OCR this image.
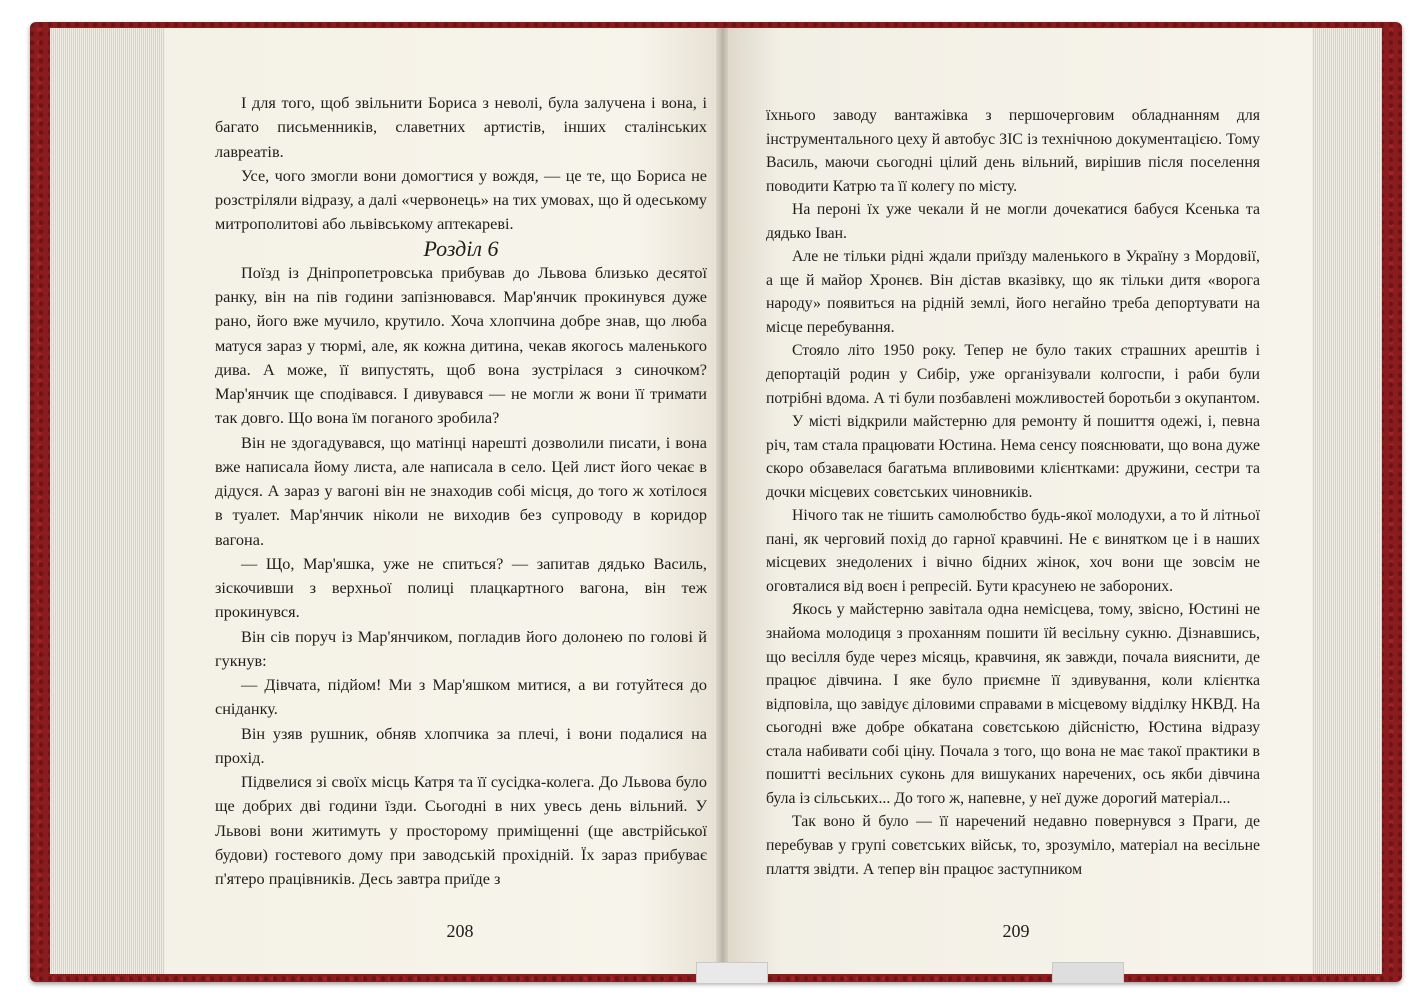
І для того, щоб звільнити Бориса з неволі, була залучена і вона, і багато письменників, славетних артистів, інших сталінських лавреатів.

Усе, чого змогли вони домогтися у вождя, — це те, що Бориса не розстріляли відразу, а далі «червонець» на тих умовах, що й одеському митрополитові або львівському аптекареві.

Розділ 6

Поїзд із Дніпропетровська прибував до Львова близько десятої ранку, він на пів години запізнювався. Мар'янчик прокинувся дуже рано, його вже мучило, крутило. Хоча хлопчина добре знав, що люба матуся зараз у тюрмі, але, як кожна дитина, чекав якогось маленького дива. А може, її випустять, щоб вона зустрілася з синочком? Мар'янчик ще сподівався. І дивувався — не могли ж вони її тримати так довго. Що вона їм поганого зробила?

Він не здогадувався, що матінці нарешті дозволили писати, і вона вже написала йому листа, але написала в село. Цей лист його чекає в дідуся. А зараз у вагоні він не знаходив собі місця, до того ж хотілося в туалет. Мар'янчик ніколи не виходив без супроводу в коридор вагона.

— Що, Мар'яшка, уже не спиться? — запитав дядько Василь, зіскочивши з верхньої полиці плацкартного вагона, він теж прокинувся.

Він сів поруч із Мар'янчиком, погладив його долонею по голові й гукнув:

— Дівчата, підйом! Ми з Мар'яшком митися, а ви готуйтеся до сніданку.

Він узяв рушник, обняв хлопчика за плечі, і вони подалися на прохід.

Підвелися зі своїх місць Катря та її сусідка-колега. До Львова було ще добрих дві години їзди. Сьогодні в них увесь день вільний. У Львові вони житимуть у просторому приміщенні (ще австрійської будови) гостевого дому при заводській прохідній. Їх зараз прибуває п'ятеро працівників. Десь завтра приїде з

їхнього заводу вантажівка з першочерговим обладнанням для інструментального цеху й автобус ЗІС із технічною документацією. Тому Василь, маючи сьогодні цілий день вільний, вирішив після поселення поводити Катрю та її колегу по місту.

На пероні їх уже чекали й не могли дочекатися бабуся Ксенька та дядько Іван.

Але не тільки рідні ждали приїзду маленького в Україну з Мордовії, а ще й майор Хронєв. Він дістав вказівку, що як тільки дитя «ворога народу» появиться на рідній землі, його негайно треба депортувати на місце перебування.

Стояло літо 1950 року. Тепер не було таких страшних арештів і депортацій родин у Сибір, уже організували колгоспи, і раби були потрібні вдома. А ті були позбавлені можливостей боротьби з окупантом.

У місті відкрили майстерню для ремонту й пошиття одежі, і, певна річ, там стала працювати Юстина. Нема сенсу пояснювати, що вона дуже скоро обзавелася багатьма впливовими клієнтками: дружини, сестри та дочки місцевих совєтських чиновників.

Нічого так не тішить самолюбство будь-якої молодухи, а то й літньої пані, як черговий похід до гарної кравчині. Не є винятком це і в наших місцевих знедолених і вічно бідних жінок, хоч вони ще зовсім не оговталися від воєн і репресій. Бути красунею не забороних.

Якось у майстерню завітала одна немісцева, тому, звісно, Юстині не знайома молодиця з проханням пошити їй весільну сукню. Дізнавшись, що весілля буде через місяць, кравчиня, як завжди, почала вияснити, де працює дівчина. І яке було приємне її здивування, коли клієнтка відповіла, що завідує діловими справами в місцевому відділку НКВД. На сьогодні вже добре обкатана совєтською дійсністю, Юстина відразу стала набивати собі ціну. Почала з того, що вона не має такої практики в пошитті весільних суконь для вишуканих наречених, ось якби дівчина була із сільських... До того ж, напевне, у неї дуже дорогий матеріал...

Так воно й було — її наречений недавно повернувся з Праги, де перебував у групі совєтських військ, то, зрозуміло, матеріал на весільне плаття звідти. А тепер він працює заступником

208	209
